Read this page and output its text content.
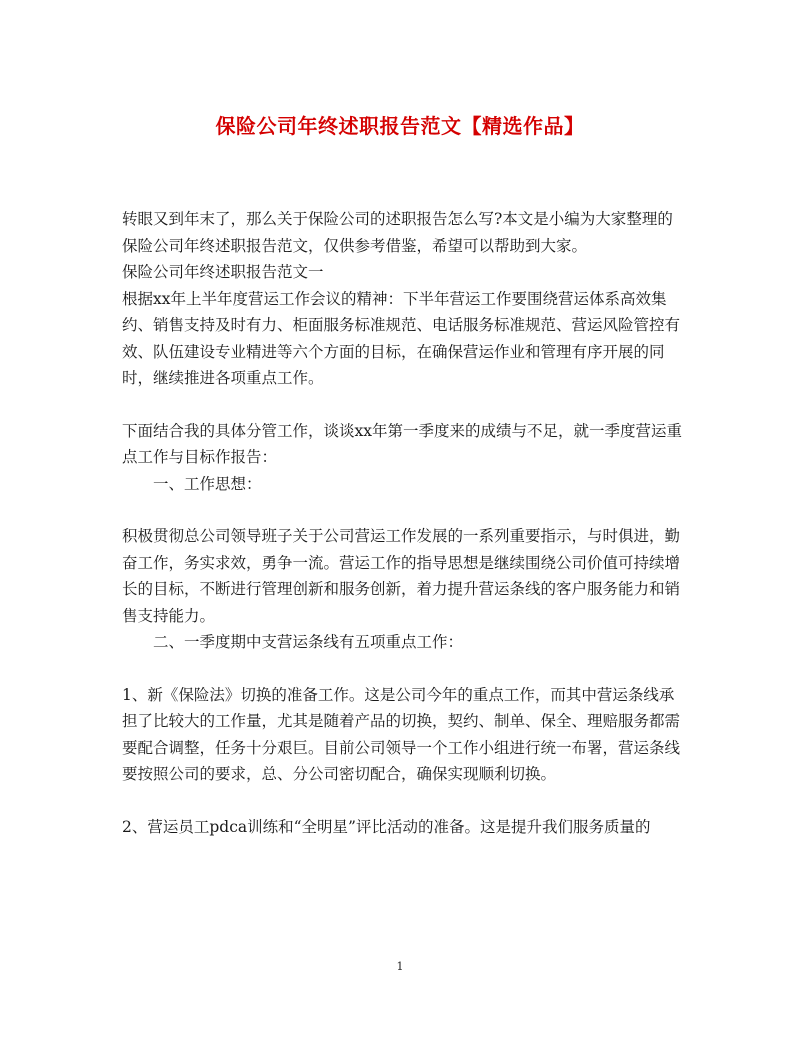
保险公司年终述职报告范文【精选作品】

转眼又到年末了，那么关于保险公司的述职报告怎么写?本文是小编为大家整理的保险公司年终述职报告范文，仅供参考借鉴，希望可以帮助到大家。

保险公司年终述职报告范文一

根据xx年上半年度营运工作会议的精神：下半年营运工作要围绕营运体系高效集约、销售支持及时有力、柜面服务标准规范、电话服务标准规范、营运风险管控有效、队伍建设专业精进等六个方面的目标，在确保营运作业和管理有序开展的同时，继续推进各项重点工作。

下面结合我的具体分管工作，谈谈xx年第一季度来的成绩与不足，就一季度营运重点工作与目标作报告：

一、工作思想：

积极贯彻总公司领导班子关于公司营运工作发展的一系列重要指示，与时俱进，勤奋工作，务实求效，勇争一流。营运工作的指导思想是继续围绕公司价值可持续增长的目标，不断进行管理创新和服务创新，着力提升营运条线的客户服务能力和销售支持能力。

二、一季度期中支营运条线有五项重点工作：

1、新《保险法》切换的准备工作。这是公司今年的重点工作，而其中营运条线承担了比较大的工作量，尤其是随着产品的切换，契约、制单、保全、理赔服务都需要配合调整，任务十分艰巨。目前公司领导一个工作小组进行统一布署，营运条线要按照公司的要求，总、分公司密切配合，确保实现顺利切换。

2、营运员工pdca训练和“全明星”评比活动的准备。这是提升我们服务质量的

1
